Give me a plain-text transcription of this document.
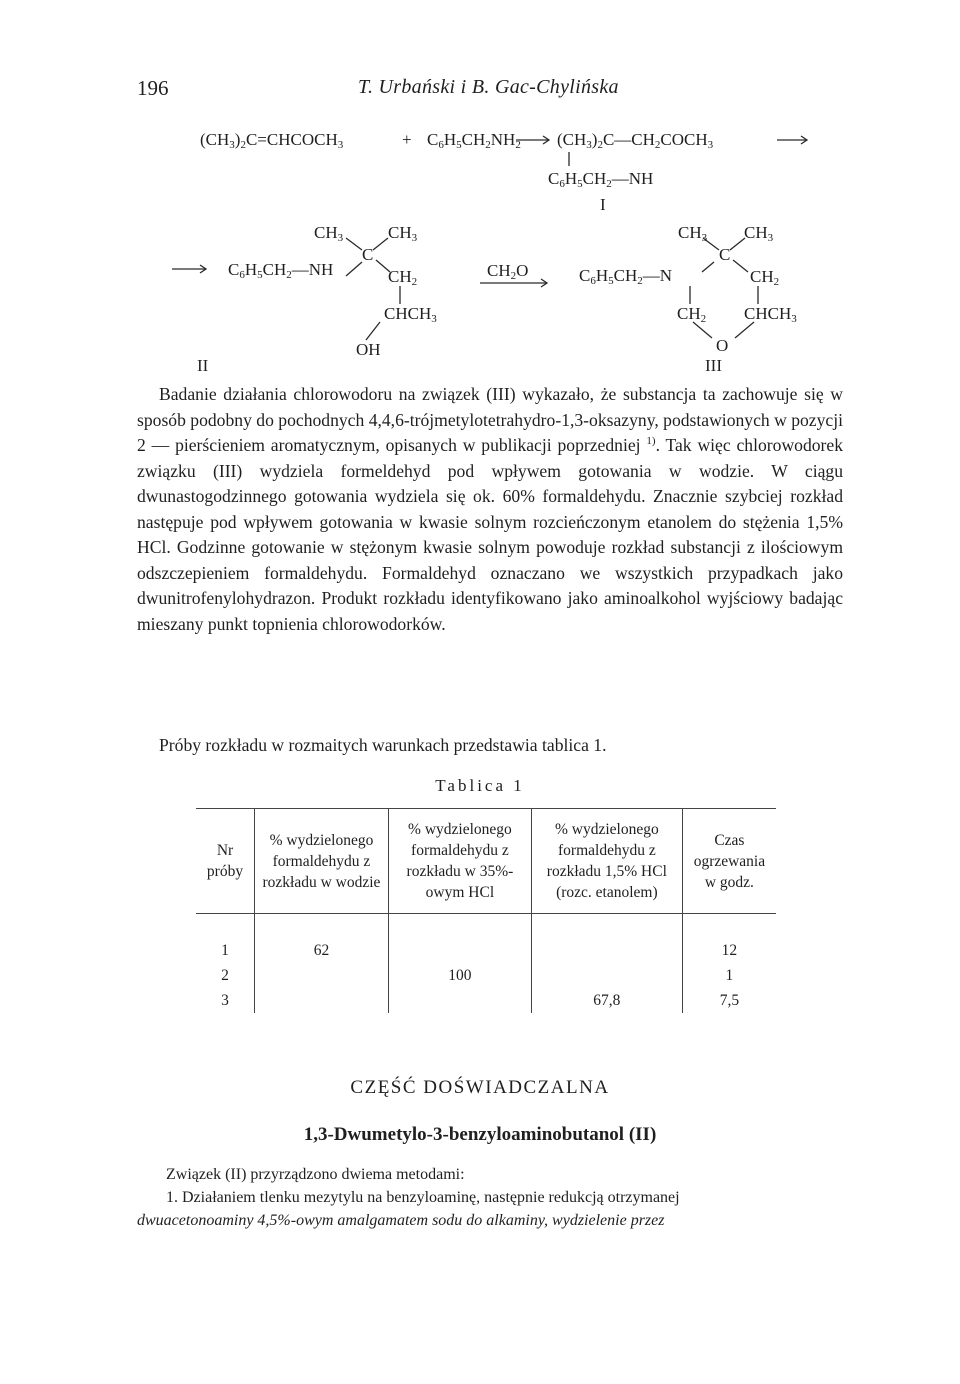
196	T. Urbański i B. Gac-Chylińska
$(CH_3)_2C=CHCOCH_3$	+ $C_6H_5CH_2NH_2$ $(CH_3)_2C—CH_2COCH_3$
$C_6H_5CH_2—NH$
I
$CH_3$	$CH_3$
C
$C_6H_5CH_2—NH$	$CH_2$
$CHCH_3$
OH
II
$CH_2O$
$CH_3$ $CH_3$
C
$C_6H_5CH_2—N$	$CH_2$
$CH_2$ $CHCH_3$
O
III

Badanie działania chlorowodoru na związek (III) wykazało, że substancja ta zachowuje się w sposób podobny do pochodnych 4,4,6-trójmetylotetrahydro-1,3-oksazyny, podstawionych w pozycji 2 — pierścieniem aromatycznym, opisanych w publikacji poprzedniej $^{1)}$. Tak więc chlorowodorek związku (III) wydziela formeldehyd pod wpływem gotowania w wodzie. W ciągu dwunastogodzinnego gotowania wydziela się ok. 60% formaldehydu. Znacznie szybciej rozkład następuje pod wpływem gotowania w kwasie solnym rozcieńczonym etanolem do stężenia 1,5% HCl. Godzinne gotowanie w stężonym kwasie solnym powoduje rozkład substancji z ilościowym odszczepieniem formaldehydu. Formaldehyd oznaczano we wszystkich przypadkach jako dwunitrofenylohydrazon. Produkt rozkładu identyfikowano jako aminoalkohol wyjściowy badając mieszany punkt topnienia chlorowodorków.

Próby rozkładu w rozmaitych warunkach przedstawia tablica 1.

Tablica 1
Nr próby	% wydzielonego formaldehydu z rozkładu w wodzie	% wydzielonego formaldehydu z rozkładu w 35%-owym HCl	% wydzielonego formaldehydu z rozkładu 1,5% HCl (rozc. etanolem)	Czas ogrzewania w godz.

1	62			12
2		100		1
3			67,8	7,5
CZĘŚĆ DOŚWIADCZALNA
1,3-Dwumetylo-3-benzyloaminobutanol (II)
Związek (II) przyrządzono dwiema metodami:
1. Działaniem tlenku mezytylu na benzyloaminę, następnie redukcją otrzymanej
dwuacetonoaminy 4,5%-owym amalgamatem sodu do alkaminy, wydzielenie przez
